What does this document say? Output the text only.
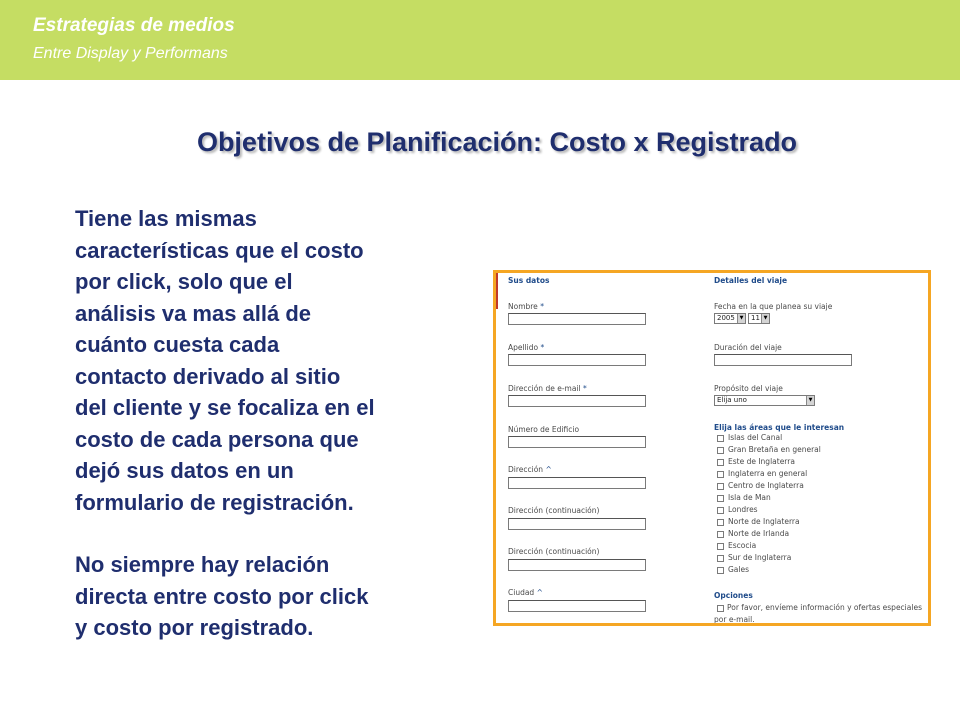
Estrategias de medios
Entre Display y Performans
Objetivos de Planificación: Costo x Registrado

Tiene las mismas
características que el costo
por click, solo que el
análisis va mas allá de
cuánto cuesta cada
contacto derivado al sitio
del cliente y se focaliza en el
costo de cada persona que
dejó sus datos en un
formulario de registración.

No siempre hay relación
directa entre costo por click
y costo por registrado.

Sus datos
Nombre *
Apellido *
Dirección de e-mail *
Número de Edificio
Dirección ^
Dirección (continuación)
Dirección (continuación)
Ciudad ^
Detalles del viaje
Fecha en la que planea su viaje
2005 ▼	11 ▼
Duración del viaje
Propósito del viaje
Elija uno	▼
Elija las áreas que le interesan
Islas del Canal
Gran Bretaña en general
Este de Inglaterra
Inglaterra en general
Centro de Inglaterra
Isla de Man
Londres
Norte de Inglaterra
Norte de Irlanda
Escocia
Sur de Inglaterra
Gales
Opciones
Por favor, envíeme información y ofertas especiales
por e-mail.
